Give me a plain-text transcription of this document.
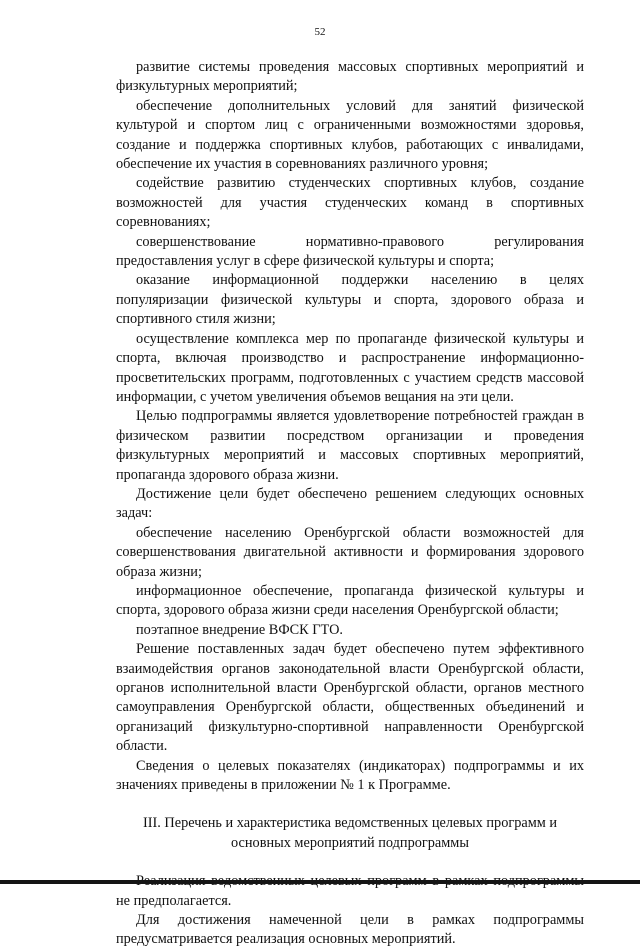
52

развитие системы проведения массовых спортивных мероприятий и физкультурных мероприятий;

обеспечение дополнительных условий для занятий физической культурой и спортом лиц с ограниченными возможностями здоровья, создание и поддержка спортивных клубов, работающих с инвалидами, обеспечение их участия в соревнованиях различного уровня;

содействие развитию студенческих спортивных клубов, создание возможностей для участия студенческих команд в спортивных соревнованиях;

совершенствование нормативно-правового регулирования предоставления услуг в сфере физической культуры и спорта;

оказание информационной поддержки населению в целях популяризации физической культуры и спорта, здорового образа и спортивного стиля жизни;

осуществление комплекса мер по пропаганде физической культуры и спорта, включая производство и распространение информационно-просветительских программ, подготовленных с участием средств массовой информации, с учетом увеличения объемов вещания на эти цели.

Целью подпрограммы является удовлетворение потребностей граждан в физическом развитии посредством организации и проведения физкультурных мероприятий и массовых спортивных мероприятий, пропаганда здорового образа жизни.

Достижение цели будет обеспечено решением следующих основных задач:

обеспечение населению Оренбургской области возможностей для совершенствования двигательной активности и формирования здорового образа жизни;

информационное обеспечение, пропаганда физической культуры и спорта, здорового образа жизни среди населения Оренбургской области;

поэтапное внедрение ВФСК ГТО.

Решение поставленных задач будет обеспечено путем эффективного взаимодействия органов законодательной власти Оренбургской области, органов исполнительной власти Оренбургской области, органов местного самоуправления Оренбургской области, общественных объединений и организаций физкультурно-спортивной направленности Оренбургской области.

Сведения о целевых показателях (индикаторах) подпрограммы и их значениях приведены в приложении № 1 к Программе.

III. Перечень и характеристика ведомственных целевых программ и основных мероприятий подпрограммы

не предполагается.

Для достижения намеченной цели в рамках подпрограммы предусматривается реализация основных мероприятий.
